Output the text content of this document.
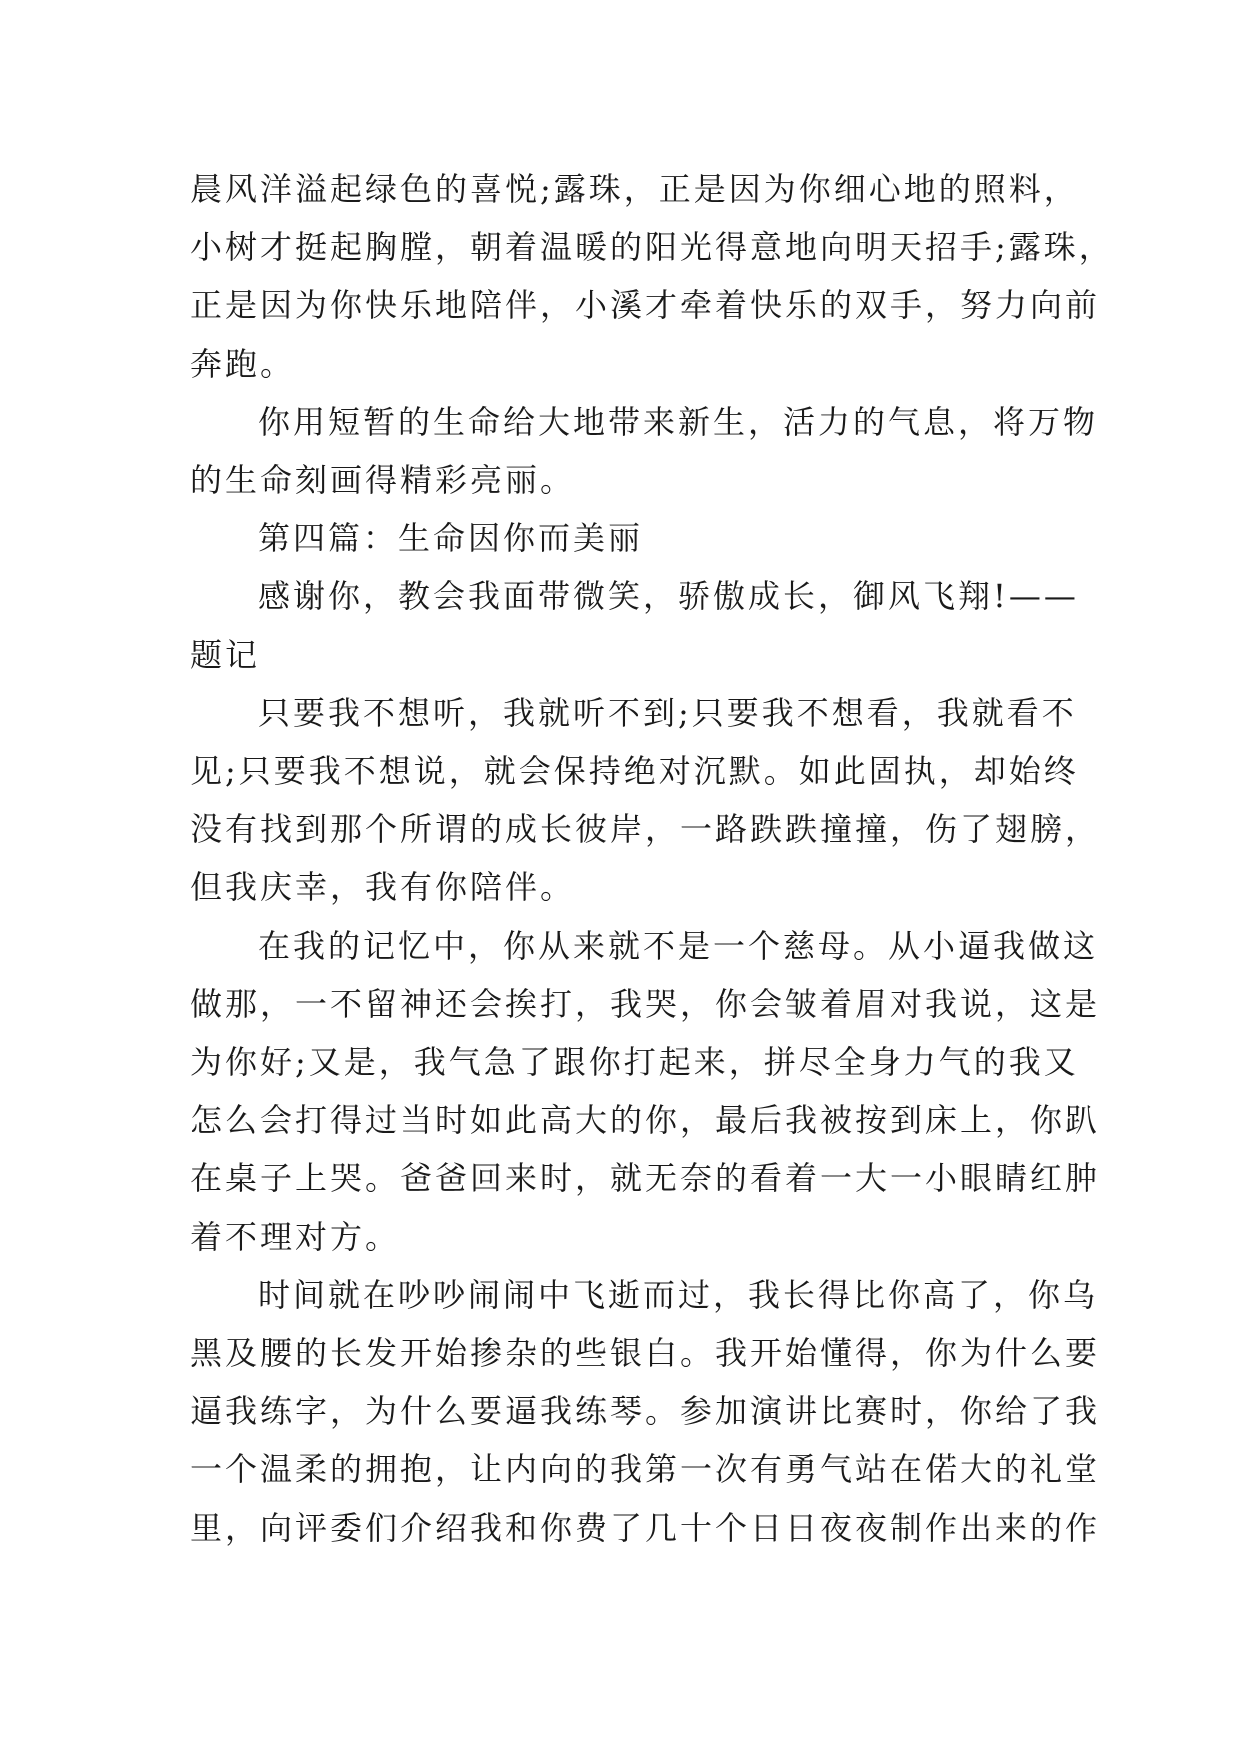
晨风洋溢起绿色的喜悦;露珠，正是因为你细心地的照料，
小树才挺起胸膛，朝着温暖的阳光得意地向明天招手;露珠，
正是因为你快乐地陪伴，小溪才牵着快乐的双手，努力向前
奔跑。

你用短暂的生命给大地带来新生，活力的气息，将万物
的生命刻画得精彩亮丽。

第四篇：生命因你而美丽

感谢你，教会我面带微笑，骄傲成长，御风飞翔!——
题记

只要我不想听，我就听不到;只要我不想看，我就看不
见;只要我不想说，就会保持绝对沉默。如此固执，却始终
没有找到那个所谓的成长彼岸，一路跌跌撞撞，伤了翅膀，
但我庆幸，我有你陪伴。

在我的记忆中，你从来就不是一个慈母。从小逼我做这
做那，一不留神还会挨打，我哭，你会皱着眉对我说，这是
为你好;又是，我气急了跟你打起来，拼尽全身力气的我又
怎么会打得过当时如此高大的你，最后我被按到床上，你趴
在桌子上哭。爸爸回来时，就无奈的看着一大一小眼睛红肿
着不理对方。

时间就在吵吵闹闹中飞逝而过，我长得比你高了，你乌
黑及腰的长发开始掺杂的些银白。我开始懂得，你为什么要
逼我练字，为什么要逼我练琴。参加演讲比赛时，你给了我
一个温柔的拥抱，让内向的我第一次有勇气站在偌大的礼堂
里，向评委们介绍我和你费了几十个日日夜夜制作出来的作
